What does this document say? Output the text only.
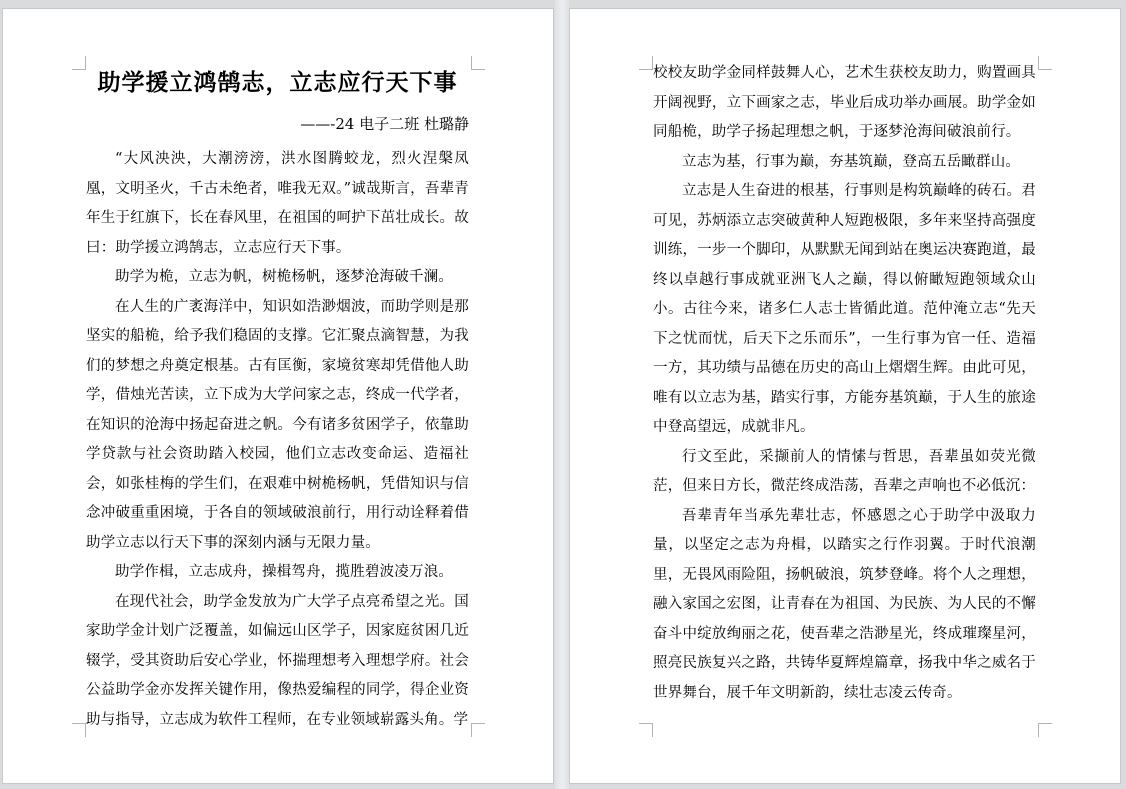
助学援立鸿鹄志，立志应行天下事
——-24 电子二班 杜璐静

“大风泱泱，大潮滂滂，洪水图腾蛟龙，烈火涅槃凤凰，文明圣火，千古未绝者，唯我无双。”诚哉斯言，吾辈青年生于红旗下，长在春风里，在祖国的呵护下茁壮成长。故曰：助学援立鸿鹄志，立志应行天下事。

助学为桅，立志为帆，树桅杨帆，逐梦沧海破千澜。

在人生的广袤海洋中，知识如浩渺烟波，而助学则是那坚实的船桅，给予我们稳固的支撑。它汇聚点滴智慧，为我们的梦想之舟奠定根基。古有匡衡，家境贫寒却凭借他人助学，借烛光苦读，立下成为大学问家之志，终成一代学者，在知识的沧海中扬起奋进之帆。今有诸多贫困学子，依靠助学贷款与社会资助踏入校园，他们立志改变命运、造福社会，如张桂梅的学生们，在艰难中树桅杨帆，凭借知识与信念冲破重重困境，于各自的领域破浪前行，用行动诠释着借助学立志以行天下事的深刻内涵与无限力量。

助学作楫，立志成舟，操楫驾舟，揽胜碧波凌万浪。

在现代社会，助学金发放为广大学子点亮希望之光。国家助学金计划广泛覆盖，如偏远山区学子，因家庭贫困几近辍学，受其资助后安心学业，怀揣理想考入理想学府。社会公益助学金亦发挥关键作用，像热爱编程的同学，得企业资助与指导，立志成为软件工程师，在专业领域崭露头角。学

校校友助学金同样鼓舞人心，艺术生获校友助力，购置画具开阔视野，立下画家之志，毕业后成功举办画展。助学金如同船桅，助学子扬起理想之帆，于逐梦沧海间破浪前行。

立志为基，行事为巅，夯基筑巅，登高五岳瞰群山。

立志是人生奋进的根基，行事则是构筑巅峰的砖石。君可见，苏炳添立志突破黄种人短跑极限，多年来坚持高强度训练，一步一个脚印，从默默无闻到站在奥运决赛跑道，最终以卓越行事成就亚洲飞人之巅，得以俯瞰短跑领域众山小。古往今来，诸多仁人志士皆循此道。范仲淹立志“先天下之忧而忧，后天下之乐而乐”，一生行事为官一任、造福一方，其功绩与品德在历史的高山上熠熠生辉。由此可见，唯有以立志为基，踏实行事，方能夯基筑巅，于人生的旅途中登高望远，成就非凡。

行文至此，采撷前人的情愫与哲思，吾辈虽如荧光微茫，但来日方长，微茫终成浩荡，吾辈之声响也不必低沉：

吾辈青年当承先辈壮志，怀感恩之心于助学中汲取力量，以坚定之志为舟楫，以踏实之行作羽翼。于时代浪潮里，无畏风雨险阻，扬帆破浪，筑梦登峰。将个人之理想，融入家国之宏图，让青春在为祖国、为民族、为人民的不懈奋斗中绽放绚丽之花，使吾辈之浩渺星光，终成璀璨星河，照亮民族复兴之路，共铸华夏辉煌篇章，扬我中华之威名于世界舞台，展千年文明新韵，续壮志凌云传奇。
